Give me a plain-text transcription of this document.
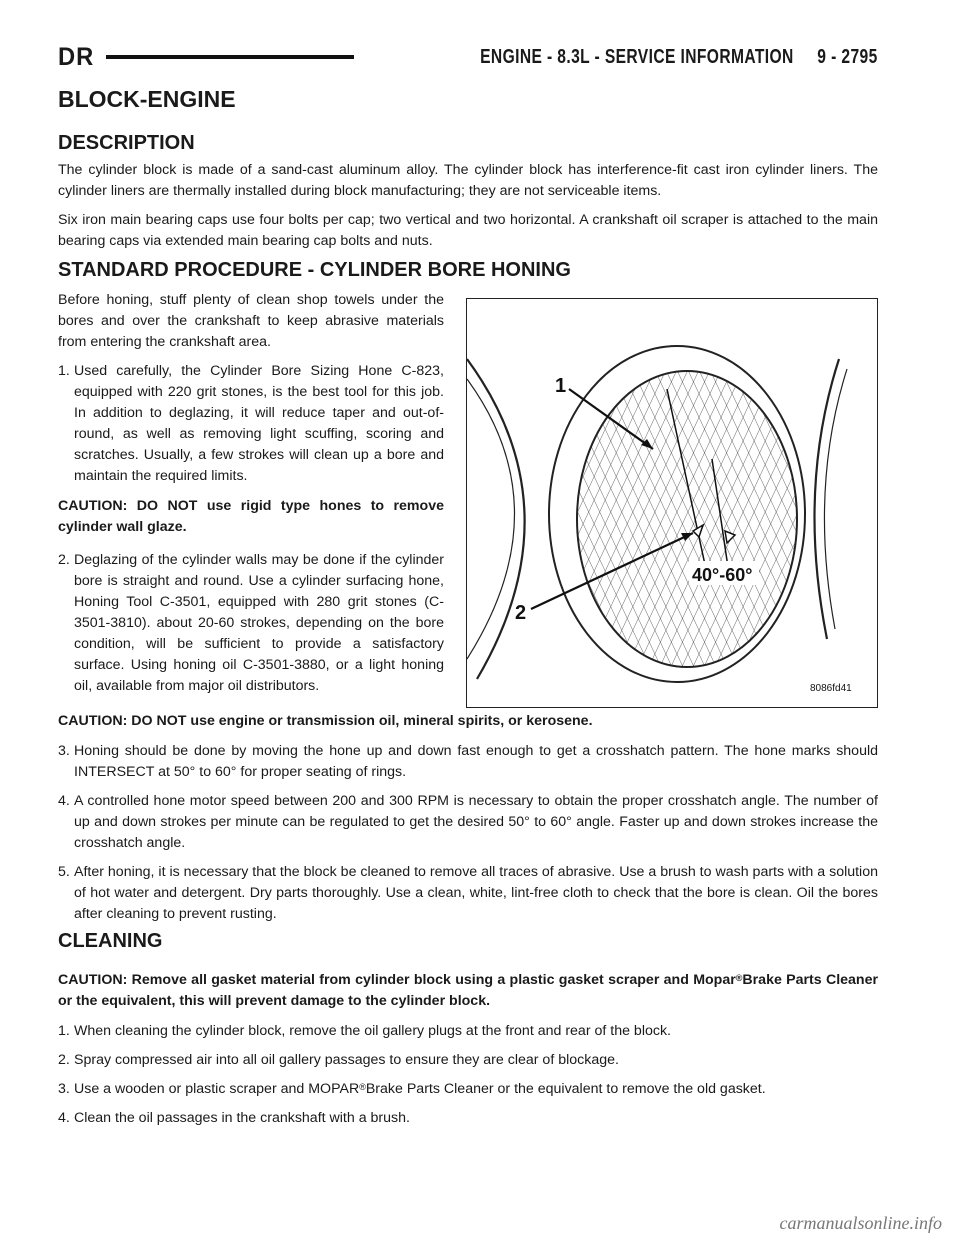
DR	ENGINE - 8.3L - SERVICE INFORMATION     9 - 2795
BLOCK-ENGINE
DESCRIPTION

The cylinder block is made of a sand-cast aluminum alloy. The cylinder block has interference-fit cast iron cylinder liners. The cylinder liners are thermally installed during block manufacturing; they are not serviceable items.

Six iron main bearing caps use four bolts per cap; two vertical and two horizontal. A crankshaft oil scraper is attached to the main bearing caps via extended main bearing cap bolts and nuts.

STANDARD PROCEDURE - CYLINDER BORE HONING

Before honing, stuff plenty of clean shop towels under the bores and over the crankshaft to keep abrasive materials from entering the crankshaft area.

1. Used carefully, the Cylinder Bore Sizing Hone C-823, equipped with 220 grit stones, is the best tool for this job. In addition to deglazing, it will reduce taper and out-of-round, as well as removing light scuffing, scoring and scratches. Usually, a few strokes will clean up a bore and maintain the required limits.

CAUTION: DO NOT use rigid type hones to remove cylinder wall glaze.

2. Deglazing of the cylinder walls may be done if the cylinder bore is straight and round. Use a cylinder surfacing hone, Honing Tool C-3501, equipped with 280 grit stones (C-3501-3810). about 20-60 strokes, depending on the bore condition, will be sufficient to provide a satisfactory surface. Using honing oil C-3501-3880, or a light honing oil, available from major oil distributors.

1
2
40°-60°
8086fd41

CAUTION: DO NOT use engine or transmission oil, mineral spirits, or kerosene.

3. Honing should be done by moving the hone up and down fast enough to get a crosshatch pattern. The hone marks should INTERSECT at 50° to 60° for proper seating of rings.

4. A controlled hone motor speed between 200 and 300 RPM is necessary to obtain the proper crosshatch angle. The number of up and down strokes per minute can be regulated to get the desired 50° to 60° angle. Faster up and down strokes increase the crosshatch angle.

5. After honing, it is necessary that the block be cleaned to remove all traces of abrasive. Use a brush to wash parts with a solution of hot water and detergent. Dry parts thoroughly. Use a clean, white, lint-free cloth to check that the bore is clean. Oil the bores after cleaning to prevent rusting.

CLEANING

CAUTION: Remove all gasket material from cylinder block using a plastic gasket scraper and Mopar®Brake Parts Cleaner or the equivalent, this will prevent damage to the cylinder block.

1. When cleaning the cylinder block, remove the oil gallery plugs at the front and rear of the block.

2. Spray compressed air into all oil gallery passages to ensure they are clear of blockage.

3. Use a wooden or plastic scraper and MOPAR®Brake Parts Cleaner or the equivalent to remove the old gasket.

4. Clean the oil passages in the crankshaft with a brush.

carmanualsonline.info
